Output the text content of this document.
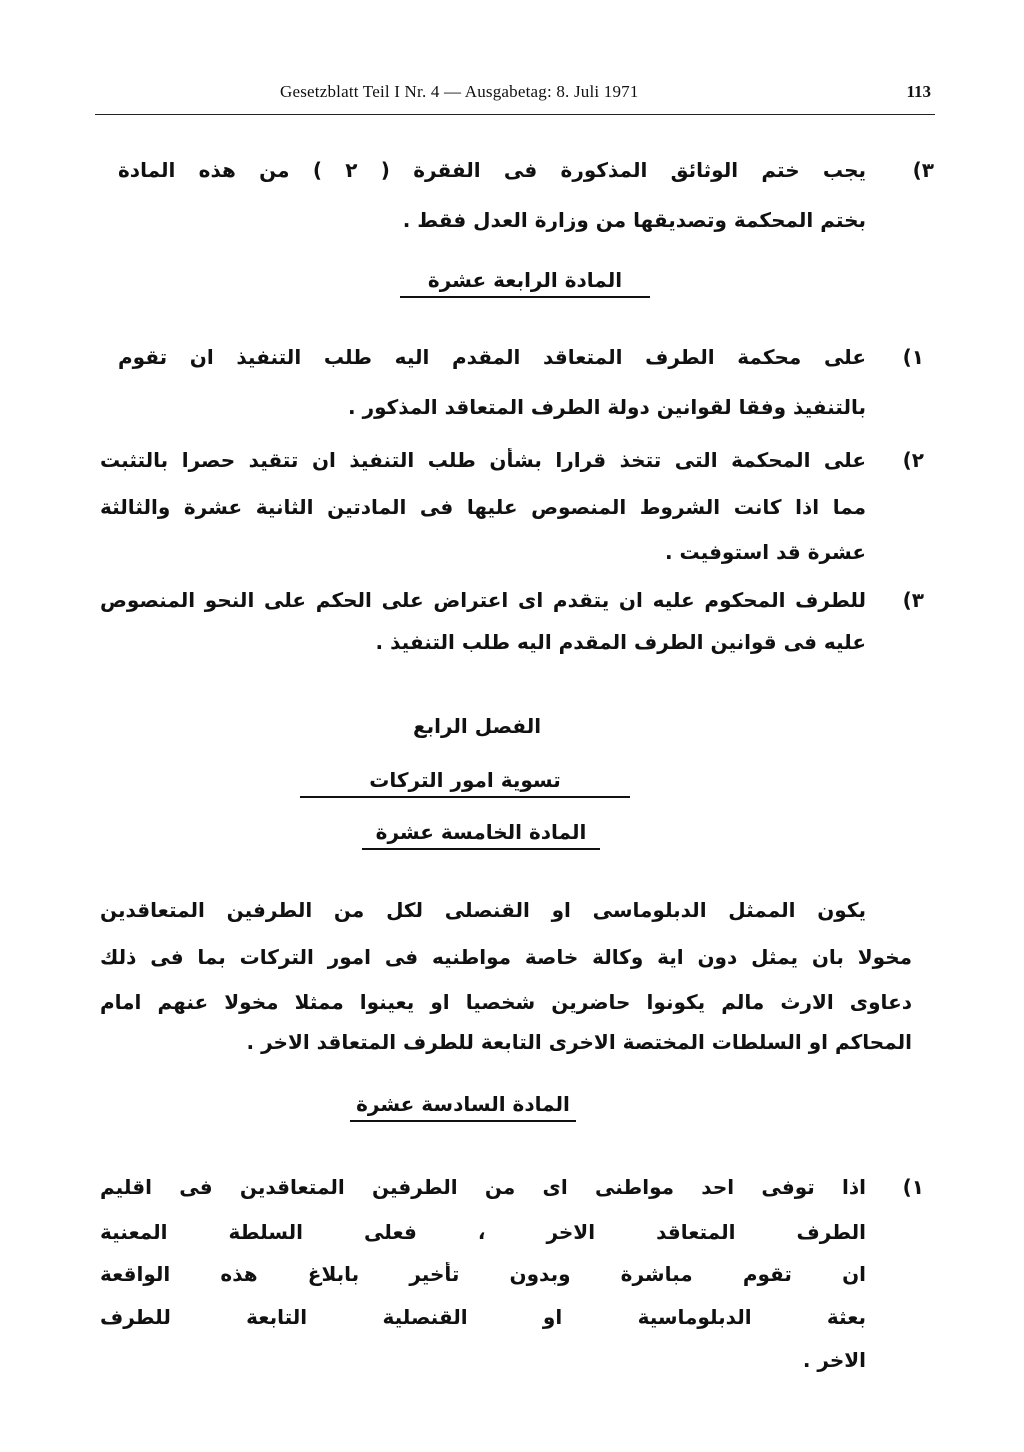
Gesetzblatt Teil I Nr. 4 — Ausgabetag: 8. Juli 1971	113
٣)
يجب ختم الوثائق المذكورة فى الفقرة ( ٢ ) من هذه المادة
بختم المحكمة وتصديقها من وزارة العدل فقط .
المادة الرابعة عشرة
١)
على محكمة الطرف المتعاقد المقدم اليه طلب التنفيذ ان تقوم
بالتنفيذ وفقا لقوانين دولة الطرف المتعاقد المذكور .
٢)
على المحكمة التى تتخذ قرارا بشأن طلب التنفيذ ان تتقيد حصرا بالتثبت
مما اذا كانت الشروط المنصوص عليها فى المادتين الثانية عشرة والثالثة
عشرة قد استوفيت .
٣)
للطرف المحكوم عليه ان يتقدم اى اعتراض على الحكم على النحو المنصوص
عليه فى قوانين الطرف المقدم اليه طلب التنفيذ .
الفصل الرابع
تسوية امور التركات
المادة الخامسة عشرة
يكون الممثل الدبلوماسى او القنصلى لكل من الطرفين المتعاقدين
مخولا بان يمثل دون اية وكالة خاصة مواطنيه فى امور التركات بما فى ذلك
دعاوى الارث مالم يكونوا حاضرين شخصيا او يعينوا ممثلا مخولا عنهم امام
المحاكم او السلطات المختصة الاخرى التابعة للطرف المتعاقد الاخر .
المادة السادسة عشرة
١)
اذا توفى احد مواطنى اى من الطرفين المتعاقدين فى اقليم
الطرف المتعاقد الاخر ، فعلى السلطة المعنية
ان تقوم مباشرة وبدون تأخير بابلاغ هذه الواقعة
بعثة الدبلوماسية او القنصلية التابعة للطرف
الاخر .
